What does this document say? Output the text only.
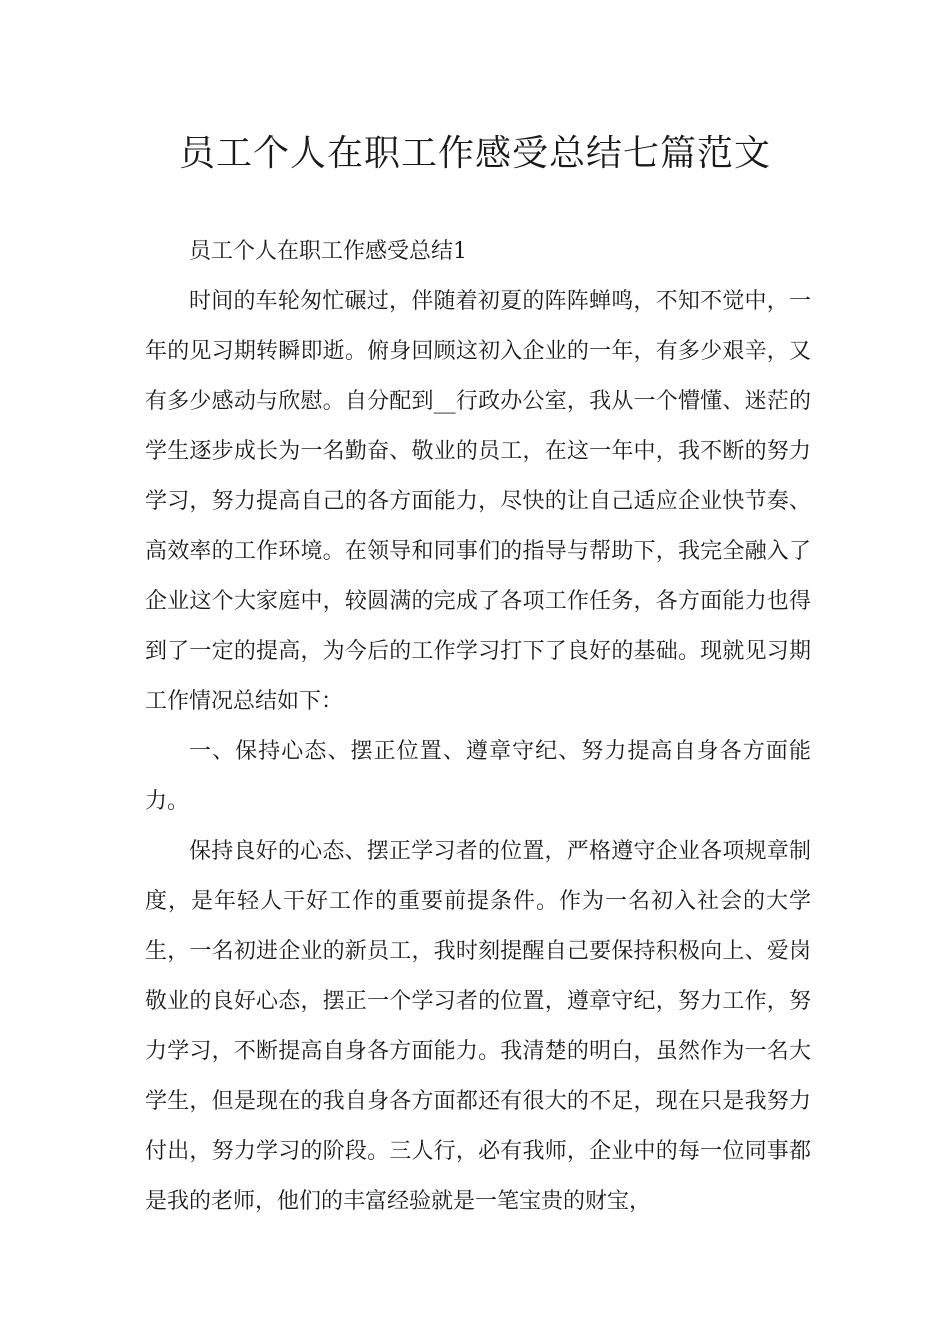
员工个人在职工作感受总结七篇范文

员工个人在职工作感受总结1

时间的车轮匆忙碾过，伴随着初夏的阵阵蝉鸣，不知不觉中，一年的见习期转瞬即逝。俯身回顾这初入企业的一年，有多少艰辛，又有多少感动与欣慰。自分配到__行政办公室，我从一个懵懂、迷茫的学生逐步成长为一名勤奋、敬业的员工，在这一年中，我不断的努力学习，努力提高自己的各方面能力，尽快的让自己适应企业快节奏、高效率的工作环境。在领导和同事们的指导与帮助下，我完全融入了企业这个大家庭中，较圆满的完成了各项工作任务，各方面能力也得到了一定的提高，为今后的工作学习打下了良好的基础。现就见习期工作情况总结如下：

一、保持心态、摆正位置、遵章守纪、努力提高自身各方面能力。

保持良好的心态、摆正学习者的位置，严格遵守企业各项规章制度，是年轻人干好工作的重要前提条件。作为一名初入社会的大学生，一名初进企业的新员工，我时刻提醒自己要保持积极向上、爱岗敬业的良好心态，摆正一个学习者的位置，遵章守纪，努力工作，努力学习，不断提高自身各方面能力。我清楚的明白，虽然作为一名大学生，但是现在的我自身各方面都还有很大的不足，现在只是我努力付出，努力学习的阶段。三人行，必有我师，企业中的每一位同事都是我的老师，他们的丰富经验就是一笔宝贵的财宝，
